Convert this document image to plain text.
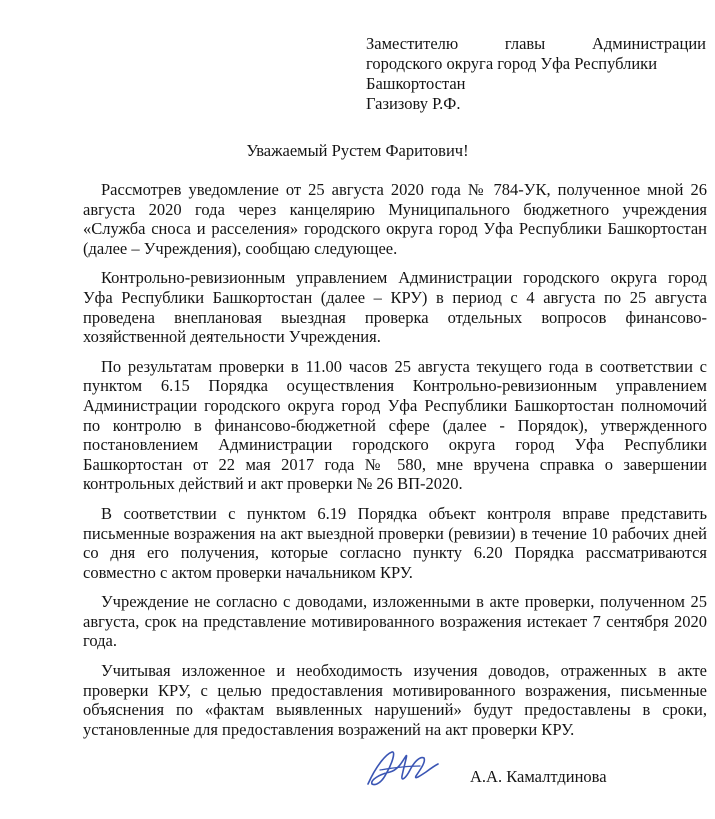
Заместителю главы Администрации
городского округа город Уфа Республики
Башкортостан
Газизову Р.Ф.
Уважаемый Рустем Фаритович!

Рассмотрев уведомление от 25 августа 2020 года № 784-УК, полученное мной 26 августа 2020 года через канцелярию Муниципального бюджетного учреждения «Служба сноса и расселения» городского округа город Уфа Республики Башкортостан (далее – Учреждения), сообщаю следующее.

Контрольно-ревизионным управлением Администрации городского округа город Уфа Республики Башкортостан (далее – КРУ) в период с 4 августа по 25 августа проведена внеплановая выездная проверка отдельных вопросов финансово-хозяйственной деятельности Учреждения.

По результатам проверки в 11.00 часов 25 августа текущего года в соответствии с пунктом 6.15 Порядка осуществления Контрольно-ревизионным управлением Администрации городского округа город Уфа Республики Башкортостан полномочий по контролю в финансово-бюджетной сфере (далее - Порядок), утвержденного постановлением Администрации городского округа город Уфа Республики Башкортостан от 22 мая 2017 года № 580, мне вручена справка о завершении контрольных действий и акт проверки № 26 ВП-2020.

В соответствии с пунктом 6.19 Порядка объект контроля вправе представить письменные возражения на акт выездной проверки (ревизии) в течение 10 рабочих дней со дня его получения, которые согласно пункту 6.20 Порядка рассматриваются совместно с актом проверки начальником КРУ.

Учреждение не согласно с доводами, изложенными в акте проверки, полученном 25 августа, срок на представление мотивированного возражения истекает 7 сентября 2020 года.

Учитывая изложенное и необходимость изучения доводов, отраженных в акте проверки КРУ, с целью предоставления мотивированного возражения, письменные объяснения по «фактам выявленных нарушений» будут предоставлены в сроки, установленные для предоставления возражений на акт проверки КРУ.

А.А. Камалтдинова
